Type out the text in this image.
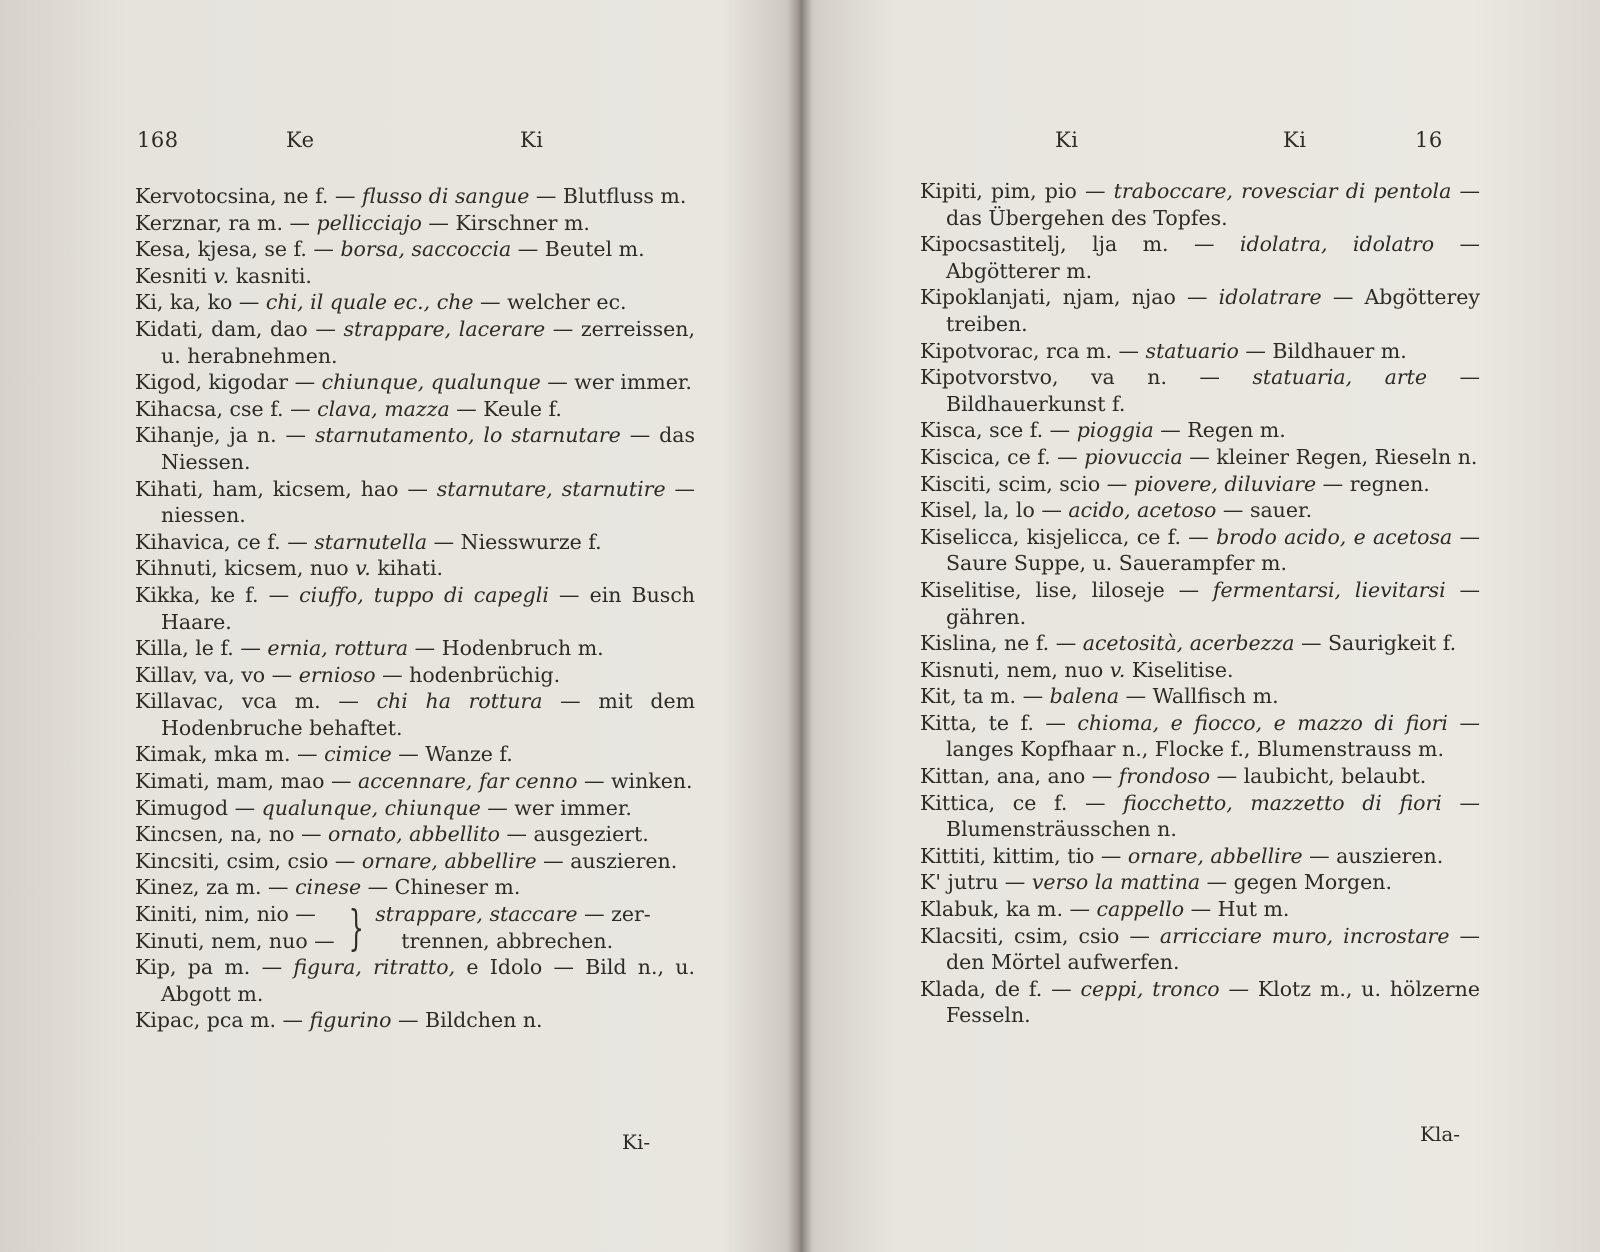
168	Ke	Ki

Kervotocsina, ne f. — flusso di sangue — Blutfluss m.

Kerznar, ra m. — pellicciajo — Kirschner m.

Kesa, kjesa, se f. — borsa, saccoccia — Beutel m.

Kesniti v. kasniti.

Ki, ka, ko — chi, il quale ec., che — welcher ec.

Kidati, dam, dao — strappare, lacerare — zerreissen, u. herabnehmen.

Kigod, kigodar — chiunque, qualunque — wer immer.

Kihacsa, cse f. — clava, mazza — Keule f.

Kihanje, ja n. — starnutamento, lo starnutare — das Niessen.

Kihati, ham, kicsem, hao — starnutare, starnutire — niessen.

Kihavica, ce f. — starnutella — Niesswurze f.

Kihnuti, kicsem, nuo v. kihati.

Kikka, ke f. — ciuffo, tuppo di capegli — ein Busch Haare.

Killa, le f. — ernia, rottura — Hodenbruch m.

Killav, va, vo — ernioso — hodenbrüchig.

Killavac, vca m. — chi ha rottura — mit dem Hodenbruche behaftet.

Kimak, mka m. — cimice — Wanze f.

Kimati, mam, mao — accennare, far cenno — winken.

Kimugod — qualunque, chiunque — wer immer.

Kincsen, na, no — ornato, abbellito — ausgeziert.

Kincsiti, csim, csio — ornare, abbellire — auszieren.

Kinez, za m. — cinese — Chineser m.

Kiniti, nim, nio —
Kinuti, nem, nuo — } strappare, staccare — zer-
trennen, abbrechen.

Kip, pa m. — figura, ritratto, e Idolo — Bild n., u. Abgott m.

Kipac, pca m. — figurino — Bildchen n.

Ki-
Ki	Ki	16

Kipiti, pim, pio — traboccare, rovesciar di pentola — das Übergehen des Topfes.

Kipocsastitelj, lja m. — idolatra, idolatro — Abgötterer m.

Kipoklanjati, njam, njao — idolatrare — Abgötterey treiben.

Kipotvorac, rca m. — statuario — Bildhauer m.

Kipotvorstvo, va n. — statuaria, arte — Bildhauerkunst f.

Kisca, sce f. — pioggia — Regen m.

Kiscica, ce f. — piovuccia — kleiner Regen, Rieseln n.

Kisciti, scim, scio — piovere, diluviare — regnen.

Kisel, la, lo — acido, acetoso — sauer.

Kiselicca, kisjelicca, ce f. — brodo acido, e acetosa — Saure Suppe, u. Sauerampfer m.

Kiselitise, lise, liloseje — fermentarsi, lievitarsi — gähren.

Kislina, ne f. — acetosità, acerbezza — Saurigkeit f.

Kisnuti, nem, nuo v. Kiselitise.

Kit, ta m. — balena — Wallfisch m.

Kitta, te f. — chioma, e fiocco, e mazzo di fiori — langes Kopfhaar n., Flocke f., Blumenstrauss m.

Kittan, ana, ano — frondoso — laubicht, belaubt.

Kittica, ce f. — fiocchetto, mazzetto di fiori — Blumensträusschen n.

Kittiti, kittim, tio — ornare, abbellire — auszieren.

K' jutru — verso la mattina — gegen Morgen.

Klabuk, ka m. — cappello — Hut m.

Klacsiti, csim, csio — arricciare muro, incrostare — den Mörtel aufwerfen.

Klada, de f. — ceppi, tronco — Klotz m., u. hölzerne Fesseln.

Kla-
